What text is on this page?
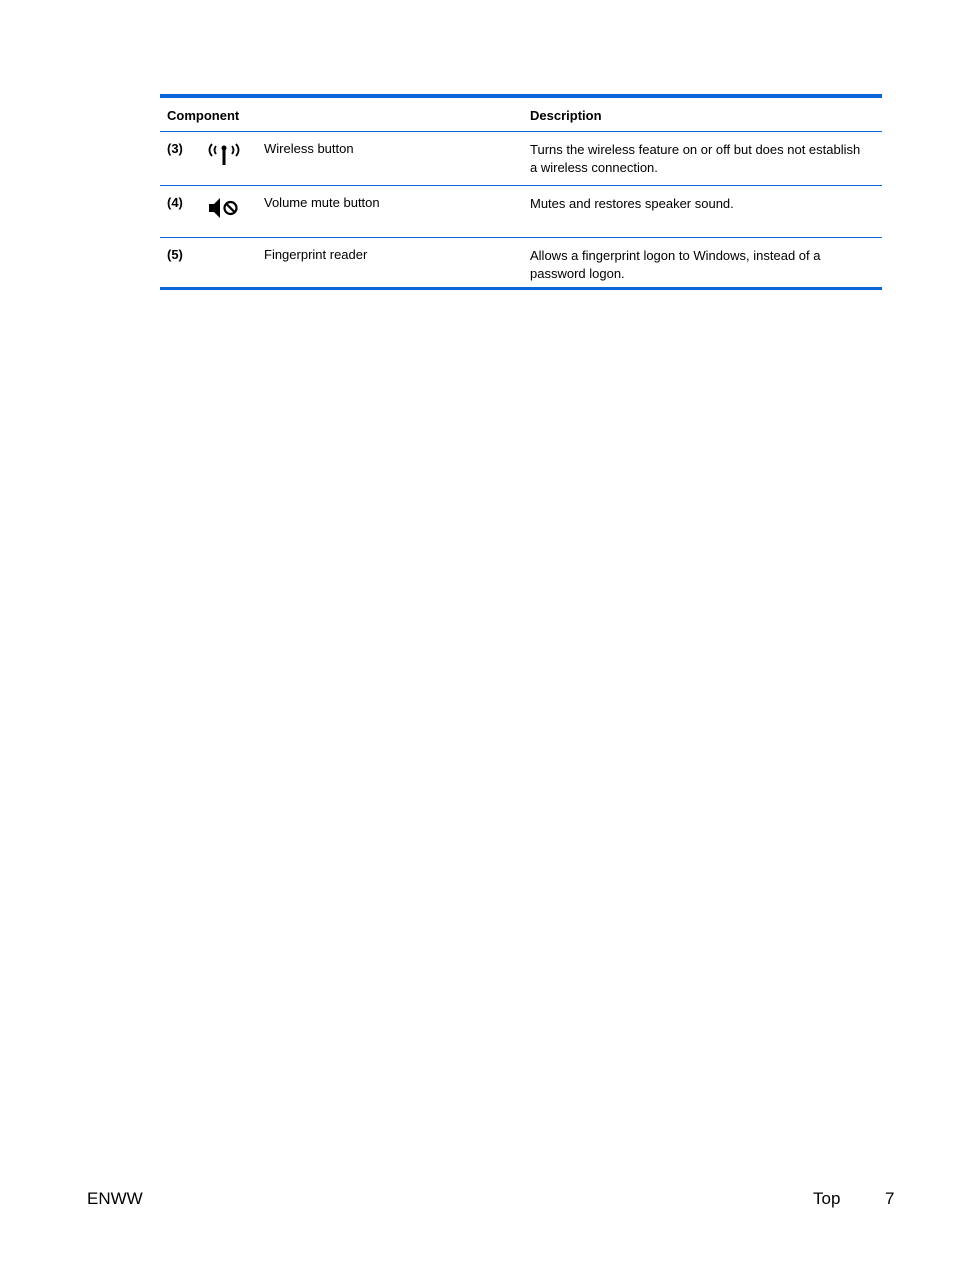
Component	Description
(3)	Wireless button	Turns the wireless feature on or off but does not establish a wireless connection.
(4)	Volume mute button	Mutes and restores speaker sound.
(5)	Fingerprint reader	Allows a fingerprint logon to Windows, instead of a password logon.
ENWW	Top	7
